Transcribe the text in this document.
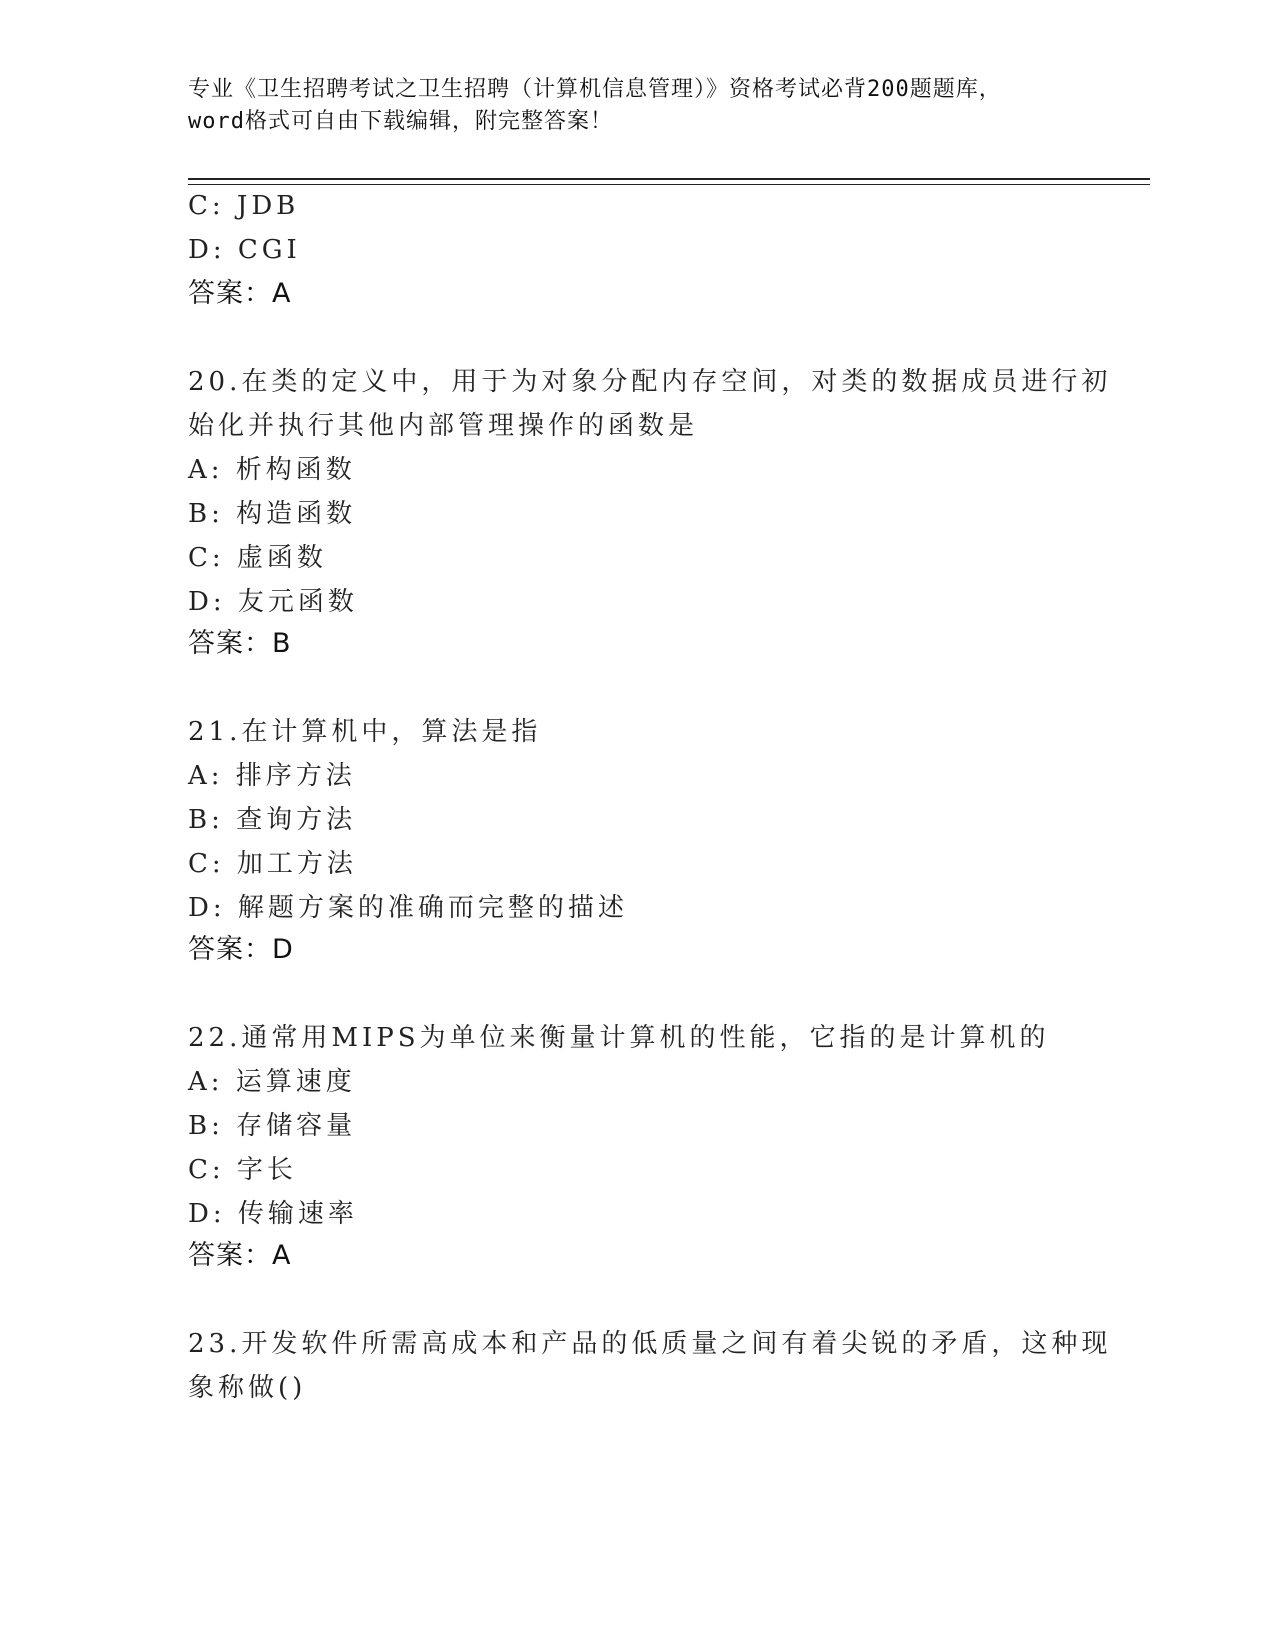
专业《卫生招聘考试之卫生招聘（计算机信息管理）》资格考试必背200题题库，
word格式可自由下载编辑，附完整答案！
C: JDB
D: CGI
答案：A
20.在类的定义中，用于为对象分配内存空间，对类的数据成员进行初
始化并执行其他内部管理操作的函数是
A: 析构函数
B: 构造函数
C: 虚函数
D: 友元函数
答案：B
21.在计算机中，算法是指
A: 排序方法
B: 查询方法
C: 加工方法
D: 解题方案的准确而完整的描述
答案：D
22.通常用MIPS为单位来衡量计算机的性能，它指的是计算机的
A: 运算速度
B: 存储容量
C: 字长
D: 传输速率
答案：A
23.开发软件所需高成本和产品的低质量之间有着尖锐的矛盾，这种现
象称做()
